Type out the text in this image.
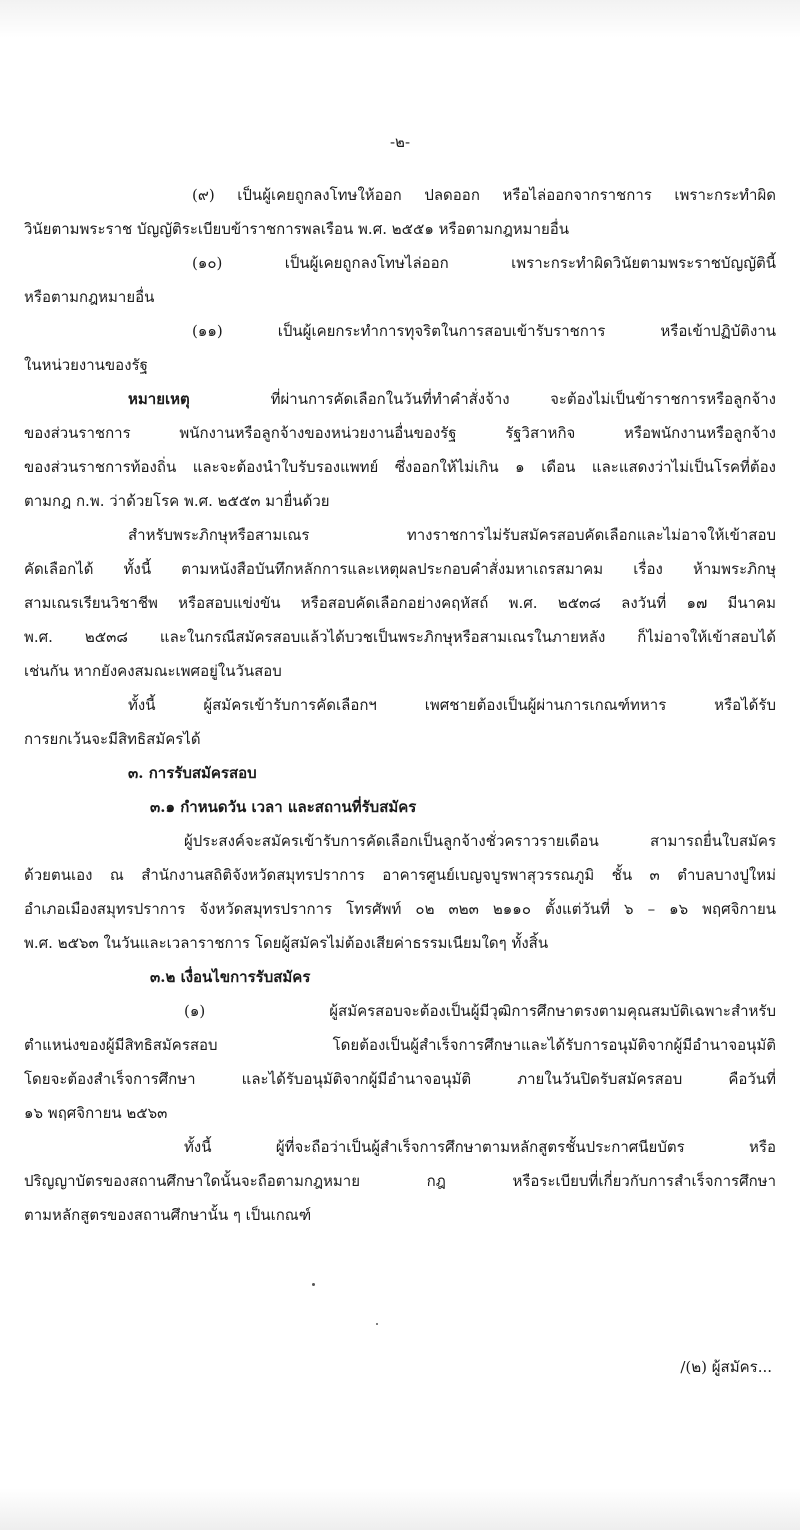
-๒-
(๙) เป็นผู้เคยถูกลงโทษให้ออก ปลดออก หรือไล่ออกจากราชการ เพราะกระทำผิด
วินัยตามพระราช บัญญัติระเบียบข้าราชการพลเรือน พ.ศ. ๒๕๕๑ หรือตามกฎหมายอื่น
(๑๐) เป็นผู้เคยถูกลงโทษไล่ออก เพราะกระทำผิดวินัยตามพระราชบัญญัตินี้
หรือตามกฎหมายอื่น
(๑๑) เป็นผู้เคยกระทำการทุจริตในการสอบเข้ารับราชการ หรือเข้าปฏิบัติงาน
ในหน่วยงานของรัฐ
หมายเหตุ	ที่ผ่านการคัดเลือกในวันที่ทำคำสั่งจ้าง จะต้องไม่เป็นข้าราชการหรือลูกจ้าง
ของส่วนราชการ พนักงานหรือลูกจ้างของหน่วยงานอื่นของรัฐ รัฐวิสาหกิจ หรือพนักงานหรือลูกจ้าง
ของส่วนราชการท้องถิ่น และจะต้องนำใบรับรองแพทย์ ซึ่งออกให้ไม่เกิน ๑ เดือน และแสดงว่าไม่เป็นโรคที่ต้อง
ตามกฎ ก.พ. ว่าด้วยโรค พ.ศ. ๒๕๕๓ มายื่นด้วย
สำหรับพระภิกษุหรือสามเณร ทางราชการไม่รับสมัครสอบคัดเลือกและไม่อาจให้เข้าสอบ
คัดเลือกได้ ทั้งนี้ ตามหนังสือบันทึกหลักการและเหตุผลประกอบคำสั่งมหาเถรสมาคม เรื่อง ห้ามพระภิกษุ
สามเณรเรียนวิชาชีพ หรือสอบแข่งขัน หรือสอบคัดเลือกอย่างคฤหัสถ์ พ.ศ. ๒๕๓๘ ลงวันที่ ๑๗ มีนาคม
พ.ศ. ๒๕๓๘ และในกรณีสมัครสอบแล้วได้บวชเป็นพระภิกษุหรือสามเณรในภายหลัง ก็ไม่อาจให้เข้าสอบได้
เช่นกัน หากยังคงสมณะเพศอยู่ในวันสอบ
ทั้งนี้ ผู้สมัครเข้ารับการคัดเลือกฯ เพศชายต้องเป็นผู้ผ่านการเกณฑ์ทหาร หรือได้รับ
การยกเว้นจะมีสิทธิสมัครได้
๓. การรับสมัครสอบ
๓.๑ กำหนดวัน เวลา และสถานที่รับสมัคร
ผู้ประสงค์จะสมัครเข้ารับการคัดเลือกเป็นลูกจ้างชั่วคราวรายเดือน สามารถยื่นใบสมัคร
ด้วยตนเอง ณ สำนักงานสถิติจังหวัดสมุทรปราการ อาคารศูนย์เบญจบูรพาสุวรรณภูมิ ชั้น ๓ ตำบลบางปูใหม่
อำเภอเมืองสมุทรปราการ จังหวัดสมุทรปราการ โทรศัพท์ ๐๒ ๓๒๓ ๒๑๑๐ ตั้งแต่วันที่ ๖ – ๑๖ พฤศจิกายน
พ.ศ. ๒๕๖๓ ในวันและเวลาราชการ โดยผู้สมัครไม่ต้องเสียค่าธรรมเนียมใดๆ ทั้งสิ้น
๓.๒ เงื่อนไขการรับสมัคร
(๑) ผู้สมัครสอบจะต้องเป็นผู้มีวุฒิการศึกษาตรงตามคุณสมบัติเฉพาะสำหรับ
ตำแหน่งของผู้มีสิทธิสมัครสอบ โดยต้องเป็นผู้สำเร็จการศึกษาและได้รับการอนุมัติจากผู้มีอำนาจอนุมัติ
โดยจะต้องสำเร็จการศึกษา และได้รับอนุมัติจากผู้มีอำนาจอนุมัติ ภายในวันปิดรับสมัครสอบ คือวันที่
๑๖ พฤศจิกายน ๒๕๖๓
ทั้งนี้ ผู้ที่จะถือว่าเป็นผู้สำเร็จการศึกษาตามหลักสูตรชั้นประกาศนียบัตร หรือ
ปริญญาบัตรของสถานศึกษาใดนั้นจะถือตามกฎหมาย กฎ หรือระเบียบที่เกี่ยวกับการสำเร็จการศึกษา
ตามหลักสูตรของสถานศึกษานั้น ๆ เป็นเกณฑ์
/(๒) ผู้สมัคร...
